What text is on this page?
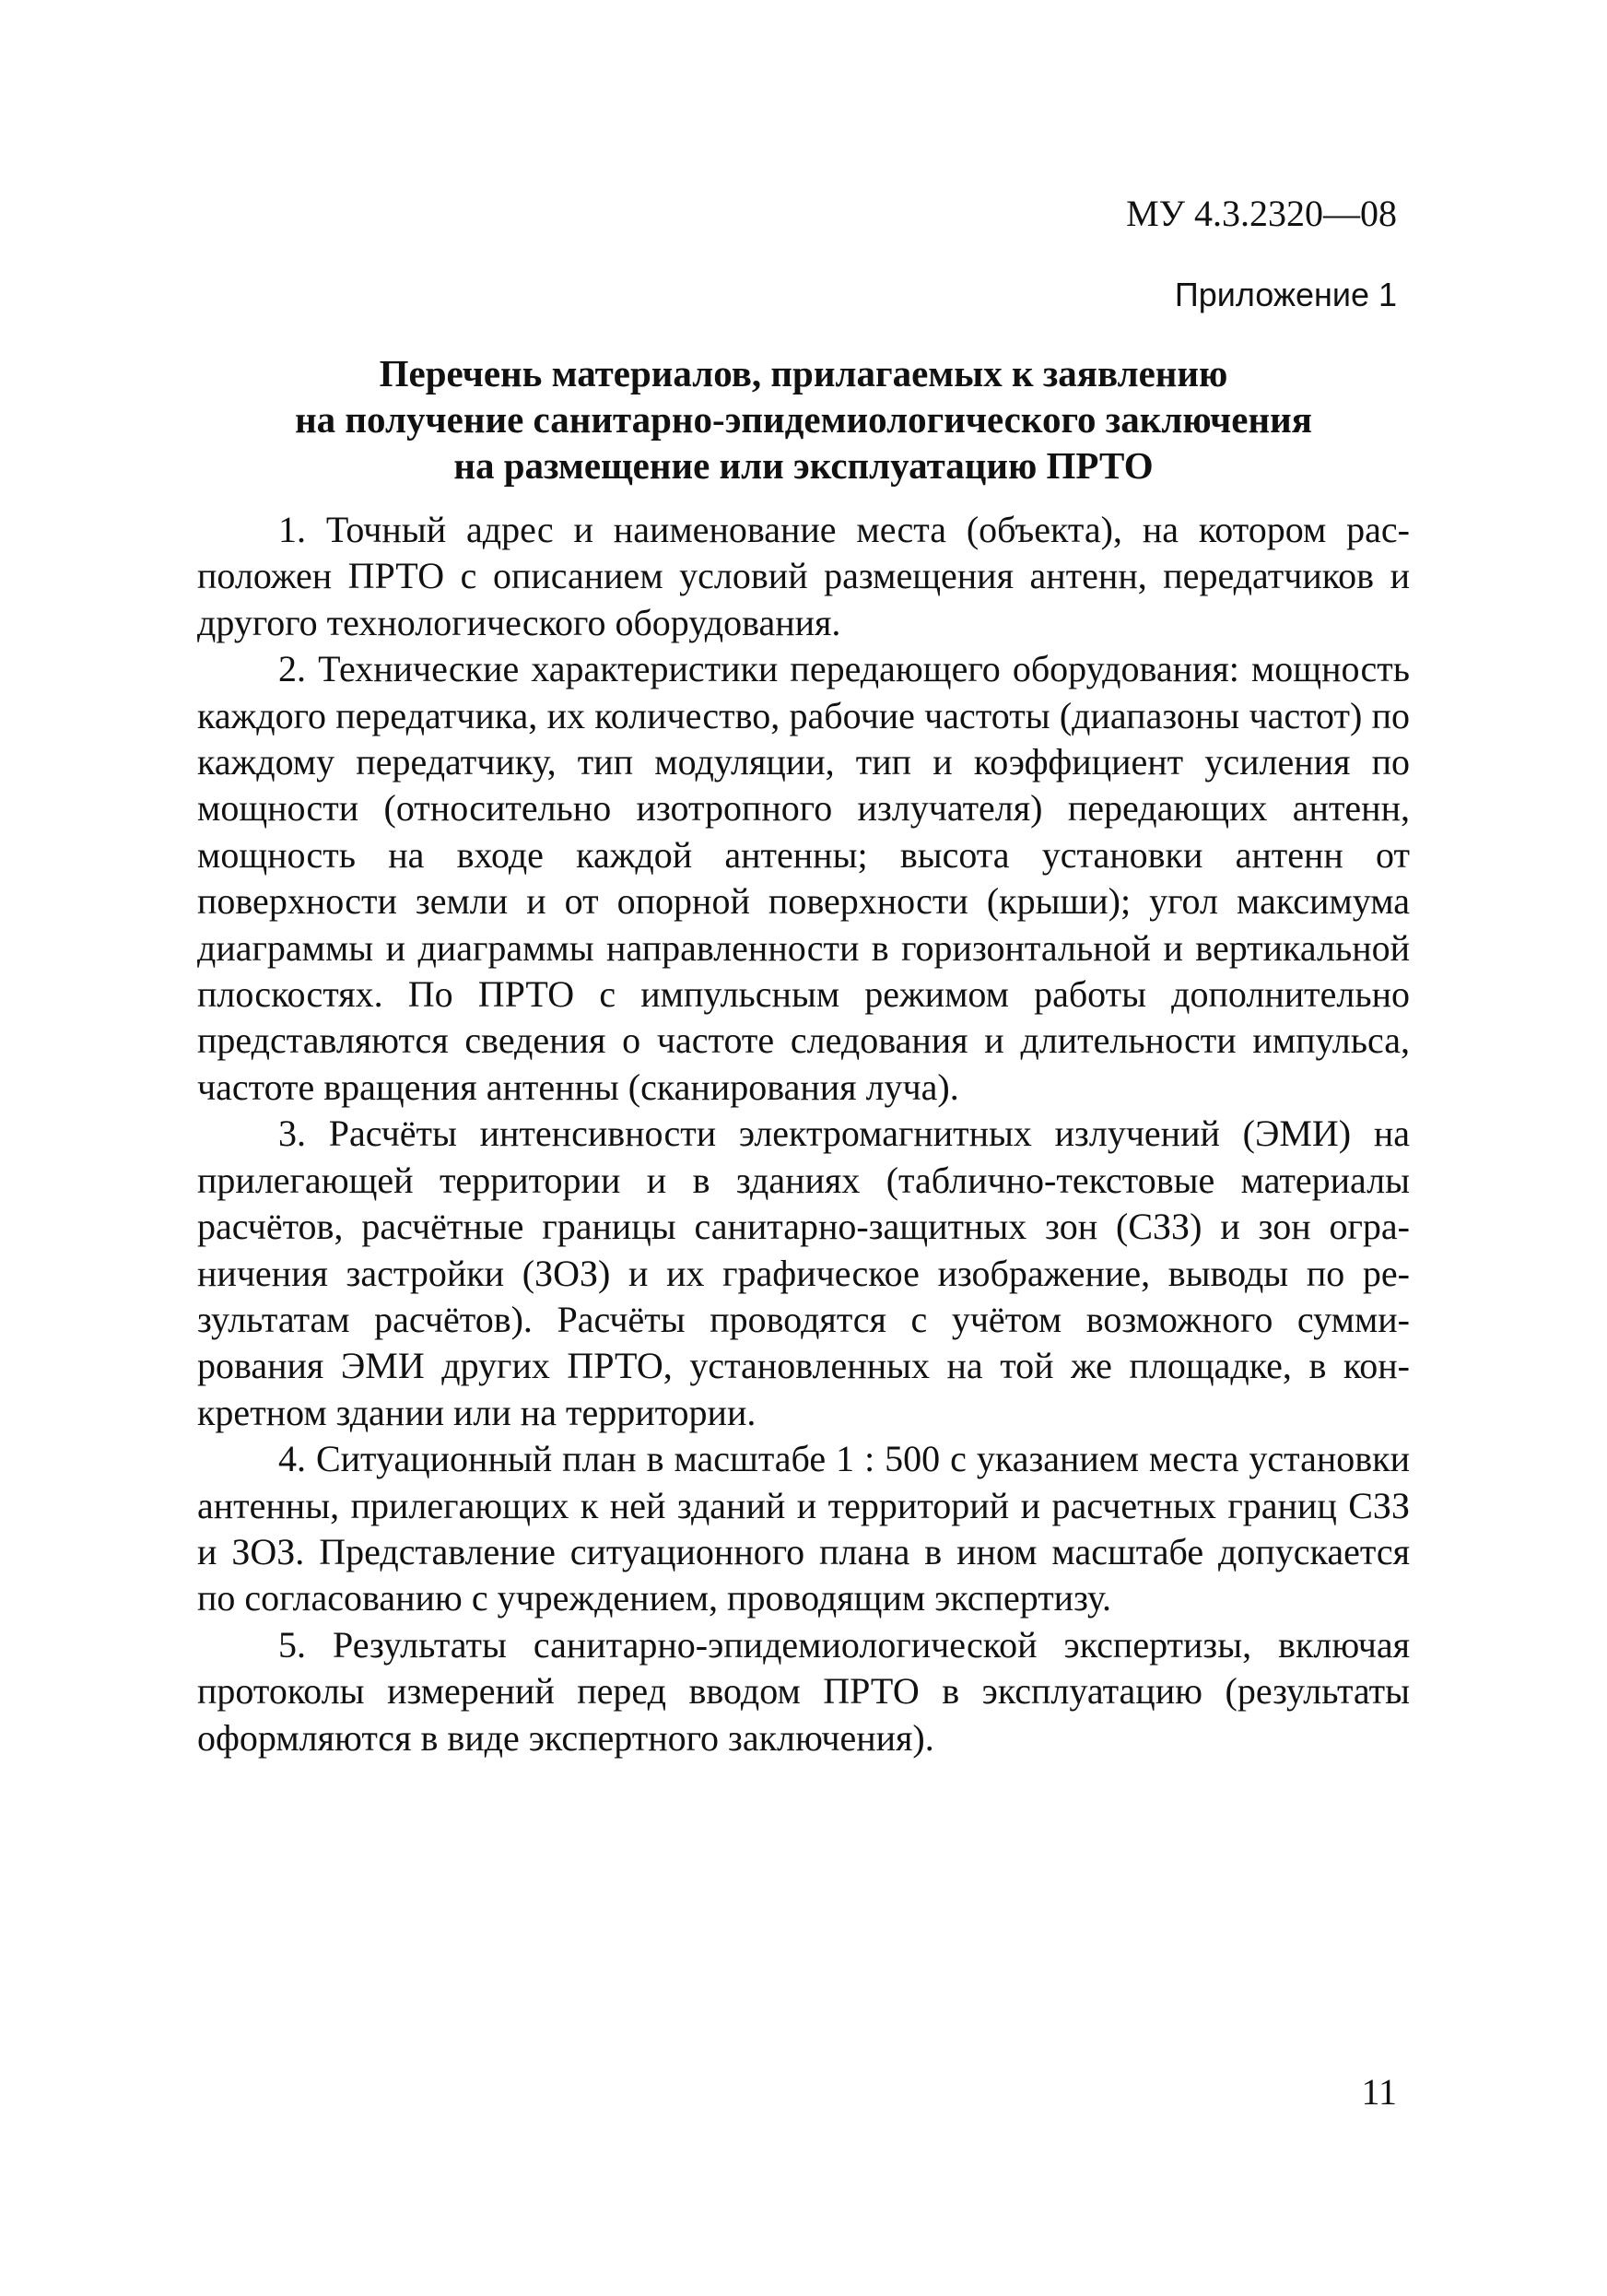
МУ 4.3.2320—08
Приложение 1
Перечень материалов, прилагаемых к заявлению
на получение санитарно-эпидемиологического заключения
на размещение или эксплуатацию ПРТО

1. Точный адрес и наименование места (объекта), на котором расположен ПРТО с описанием условий размещения антенн, передатчиков и другого технологического оборудования.

2. Технические характеристики передающего оборудования: мощность каждого передатчика, их количество, рабочие частоты (диапазоны частот) по каждому передатчику, тип модуляции, тип и коэффициент усиления по мощности (относительно изотропного излучателя) передающих антенн, мощность на входе каждой антенны; высота установки антенн от поверхности земли и от опорной поверхности (крыши); угол максимума диаграммы и диаграммы направленности в горизонтальной и вертикальной плоскостях. По ПРТО с импульсным режимом работы дополнительно представляются сведения о частоте следования и длительности импульса, частоте вращения антенны (сканирования луча).

3. Расчёты интенсивности электромагнитных излучений (ЭМИ) на прилегающей территории и в зданиях (таблично-текстовые материалы расчётов, расчётные границы санитарно-защитных зон (СЗЗ) и зон ограничения застройки (ЗОЗ) и их графическое изображение, выводы по результатам расчётов). Расчёты проводятся с учётом возможного суммирования ЭМИ других ПРТО, установленных на той же площадке, в конкретном здании или на территории.

4. Ситуационный план в масштабе 1 : 500 с указанием места установки антенны, прилегающих к ней зданий и территорий и расчетных границ СЗЗ и ЗОЗ. Представление ситуационного плана в ином масштабе допускается по согласованию с учреждением, проводящим экспертизу.

5. Результаты санитарно-эпидемиологической экспертизы, включая протоколы измерений перед вводом ПРТО в эксплуатацию (результаты оформляются в виде экспертного заключения).

11
